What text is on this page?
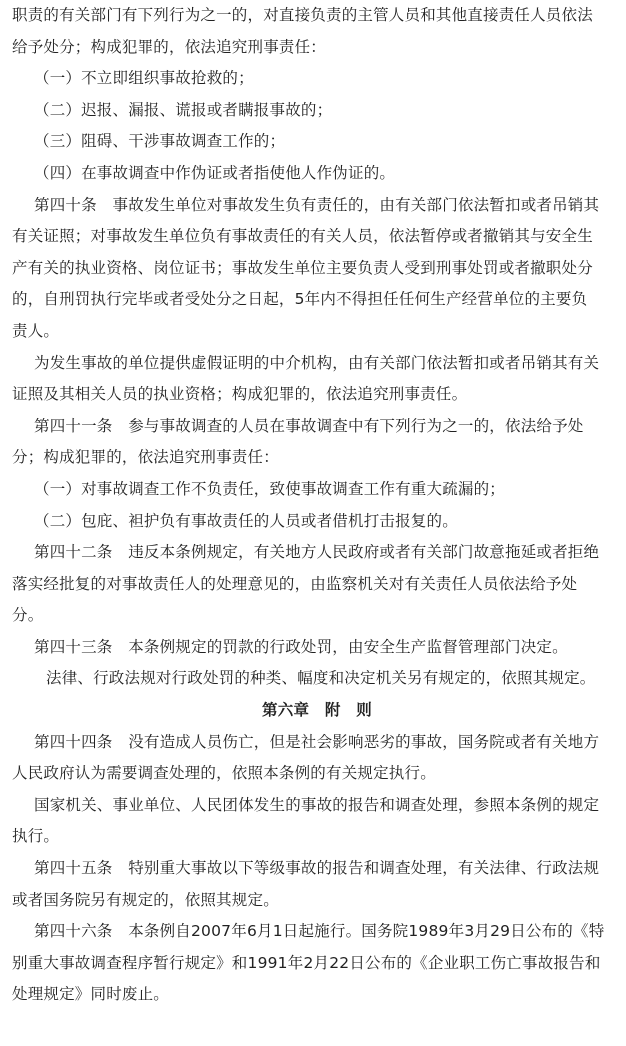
职责的有关部门有下列行为之一的，对直接负责的主管人员和其他直接责任人员依法
给予处分；构成犯罪的，依法追究刑事责任：
（一）不立即组织事故抢救的；
（二）迟报、漏报、谎报或者瞒报事故的；
（三）阻碍、干涉事故调查工作的；
（四）在事故调查中作伪证或者指使他人作伪证的。
第四十条　事故发生单位对事故发生负有责任的，由有关部门依法暂扣或者吊销其
有关证照；对事故发生单位负有事故责任的有关人员，依法暂停或者撤销其与安全生
产有关的执业资格、岗位证书；事故发生单位主要负责人受到刑事处罚或者撤职处分
的，自刑罚执行完毕或者受处分之日起，5年内不得担任任何生产经营单位的主要负
责人。
为发生事故的单位提供虚假证明的中介机构，由有关部门依法暂扣或者吊销其有关
证照及其相关人员的执业资格；构成犯罪的，依法追究刑事责任。
第四十一条　参与事故调查的人员在事故调查中有下列行为之一的，依法给予处
分；构成犯罪的，依法追究刑事责任：
（一）对事故调查工作不负责任，致使事故调查工作有重大疏漏的；
（二）包庇、袒护负有事故责任的人员或者借机打击报复的。
第四十二条　违反本条例规定，有关地方人民政府或者有关部门故意拖延或者拒绝
落实经批复的对事故责任人的处理意见的，由监察机关对有关责任人员依法给予处
分。
第四十三条　本条例规定的罚款的行政处罚，由安全生产监督管理部门决定。
法律、行政法规对行政处罚的种类、幅度和决定机关另有规定的，依照其规定。
第六章　附　则
第四十四条　没有造成人员伤亡，但是社会影响恶劣的事故，国务院或者有关地方
人民政府认为需要调查处理的，依照本条例的有关规定执行。
国家机关、事业单位、人民团体发生的事故的报告和调查处理，参照本条例的规定
执行。
第四十五条　特别重大事故以下等级事故的报告和调查处理，有关法律、行政法规
或者国务院另有规定的，依照其规定。
第四十六条　本条例自2007年6月1日起施行。国务院1989年3月29日公布的《特
别重大事故调查程序暂行规定》和1991年2月22日公布的《企业职工伤亡事故报告和
处理规定》同时废止。
